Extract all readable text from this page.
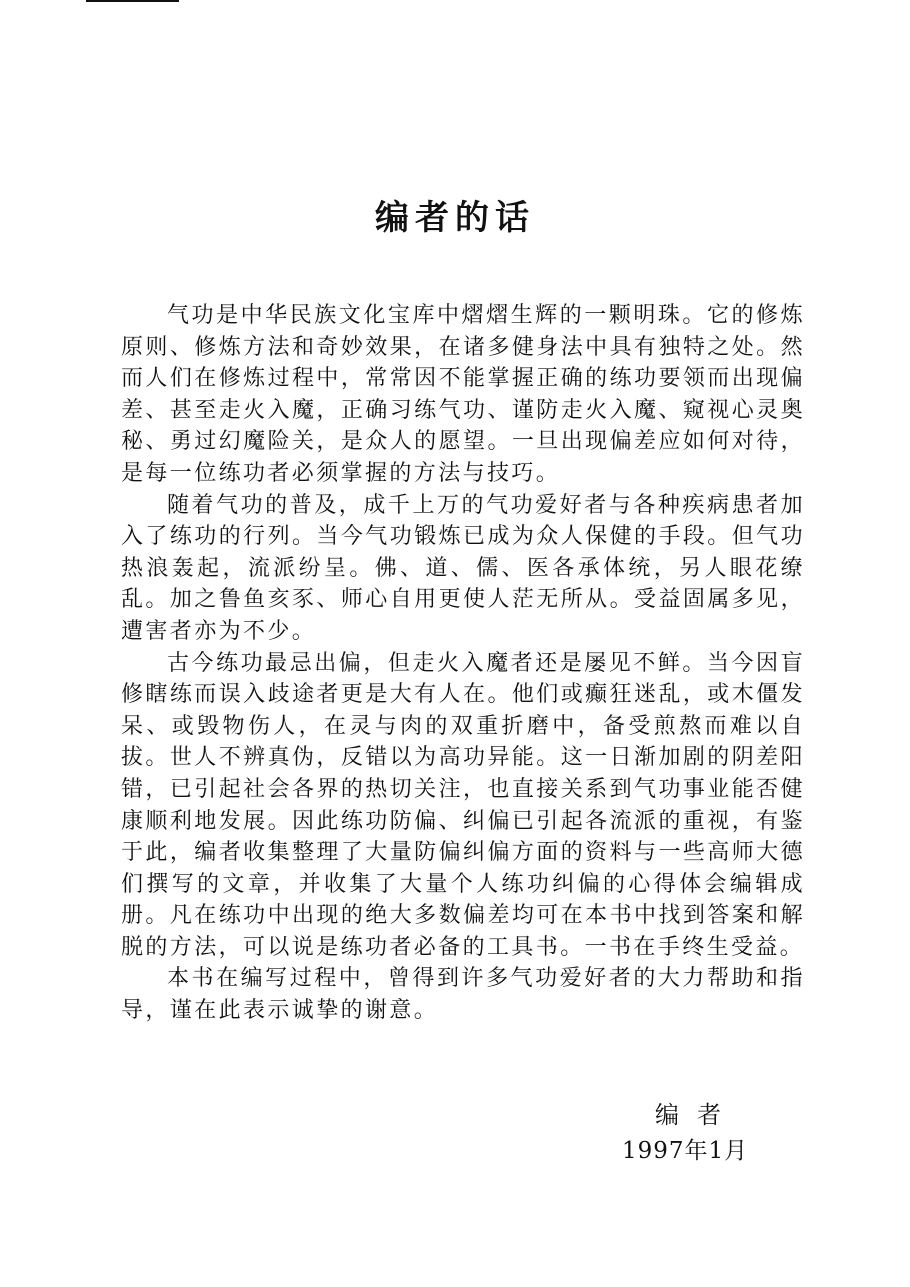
编者的话

气功是中华民族文化宝库中熠熠生辉的一颗明珠。它的修炼原则、修炼方法和奇妙效果，在诸多健身法中具有独特之处。然而人们在修炼过程中，常常因不能掌握正确的练功要领而出现偏差、甚至走火入魔，正确习练气功、谨防走火入魔、窥视心灵奥秘、勇过幻魔险关，是众人的愿望。一旦出现偏差应如何对待，是每一位练功者必须掌握的方法与技巧。

随着气功的普及，成千上万的气功爱好者与各种疾病患者加入了练功的行列。当今气功锻炼已成为众人保健的手段。但气功热浪轰起，流派纷呈。佛、道、儒、医各承体统，另人眼花缭乱。加之鲁鱼亥豕、师心自用更使人茫无所从。受益固属多见，遭害者亦为不少。

古今练功最忌出偏，但走火入魔者还是屡见不鲜。当今因盲修瞎练而误入歧途者更是大有人在。他们或癫狂迷乱，或木僵发呆、或毁物伤人，在灵与肉的双重折磨中，备受煎熬而难以自拔。世人不辨真伪，反错以为高功异能。这一日渐加剧的阴差阳错，已引起社会各界的热切关注，也直接关系到气功事业能否健康顺利地发展。因此练功防偏、纠偏已引起各流派的重视，有鉴于此，编者收集整理了大量防偏纠偏方面的资料与一些高师大德们撰写的文章，并收集了大量个人练功纠偏的心得体会编辑成册。凡在练功中出现的绝大多数偏差均可在本书中找到答案和解脱的方法，可以说是练功者必备的工具书。一书在手终生受益。

本书在编写过程中，曾得到许多气功爱好者的大力帮助和指导，谨在此表示诚挚的谢意。

编者

1997年1月
